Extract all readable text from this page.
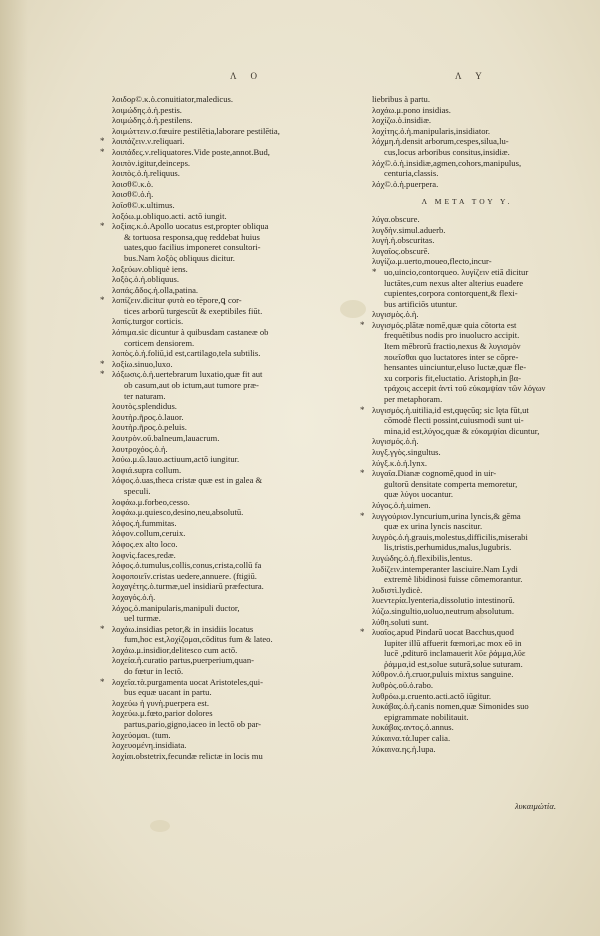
Λ Ο	Λ Υ
λοιδορ©.κ.ὁ.conuitiator,maledicus.
λοιμώδης.ὁ.ἡ.pestis.
λοιμώδης.ὁ.ἡ.pestilens.
λοιμώττειν.σ.fœuire pestilētia,laborare pestilētia,
* λοιπάζειν.ν.reliquari.
* λοιπάδες.ν.reliquatores.Vide poste,annot.Bud,
λοιπὸν.igitur,deinceps.
λοιπὸς.ὁ.ἡ.reliquus.
λοισθ©.κ.ὁ.
λοισθ©.ὁ.ἡ.
λοῖσθ©.κ.ultimus.
λοξόω.μ.obliquo.acti. actō iungit.
* λοξίας.κ.ὁ.Apollo uocatus est,propter obliqua
& tortuosa responsa,quę reddebat huius
uates,quo facilius imponeret consultori-
bus.Nam λοξὸς obliquus dicitur.
λοξεύων.obliquè iens.
λοξὸς.ὁ.ἡ.obliquus.
λοπάς.ἄδος.ἡ.olla,patina.
* λοπίζειν.dicitur φυτὰ eo tēpore,ꝗ cor-
tices arborū turgescūt & exeptibiles fiūt.
λοπίς.turgor corticis.
λόπιμα.sic dicuntur à quibusdam castaneæ ob
corticem densiorem.
λοπὸς.ὁ.ἡ.foliū,id est,cartilago,tela subtilis.
* λοξίω.sinuo,luxo.
* λόξωσις.ὁ.ἡ.uertebrarum luxatio,quæ fit aut
ob casum,aut ob ictum,aut tumore præ-
ter naturam.
λουτὸς.splendidus.
λουτὴρ.ῆρος.ὁ.lauor.
λουτὴρ.ῆρος.ὁ.peluis.
λουτρὸν.οῦ.balneum,lauacrum.
λουτροχόος.ὁ.ἡ.
λούω.μ.ῶ.lauo.actiuum,actō iungitur.
λοφιά.supra collum.
λόφος.ὁ.uas,theca cristæ quæ est in galea &
speculi.
λοφάω.μ.forbeo,cesso.
λοφάω.μ.quiesco,desino,neu,absolutū.
λόφος.ἡ.fummitas.
λόφον.collum,ceruix.
λόφος.ex alto loco.
λοφνὶς.faces,redæ.
λόφος.ὁ.tumulus,collis,conus,crista,collū fa
λοφοποιεῖν.cristas uedere,annuere. (ftigiū.
λοχαγέτης.ὁ.turmæ,uel insidiarū præfectura.
λοχαγός.ὁ.ἡ.
λόχος.ὁ.manipularis,manipuli ductor,
uel turmæ.
* λοχάω.insidias petor,& in insidiis locatus
fum,hoc est,λοχίζομαι,cōditus fum & lateo.
λοχάω.μ.insidior,delitesco cum actō.
λοχεία.ἡ.curatio partus,puerperium,quan-
do fœtur in lectō.
* λοχεῖα.τὰ.purgamenta uocat Aristoteles,qui-
bus equæ uacant in partu.
λοχεύω ἡ γυνὴ.puerpera est.
λοχεύω.μ.fœto,parior dolores
partus,pario,gigno,iaceo in lectō ob par-
λοχεύομαι. (tum.
λοχευομένη.insidiata.
λοχίαι.obstetrix,fecundæ relictæ in locis mu
liebribus à partu.
λοχάω.μ.pono insidias.
λοχίζω.ὁ.insidiæ.
λοχίτης.ὁ.ἡ.manipularis,insidiator.
λόχμη.ἡ.densit arborum,cespes,silua,lu-
cus,locus arboribus consitus,insidiæ.
λόχ©.ὁ.ἡ.insidiæ,agmen,cohors,manipulus,
centuria,classis.
λόχ©.ὁ.ἡ.puerpera.
Λ ΜΕΤΑ ΤΟΥ Υ.
λύγα.obscure.
λυγδὴν.simul.aduerb.
λυγὴ.ἡ.obscuritas.
λυγαῖος.obscurē.
λυγίζω.μ.uerto,moueo,flecto,incur-
* uo,uincio,contorqueo. λυγίζειν etiā dicitur
luctātes,cum nexus alter alterius euadere
cupientes,corpora contorquent,& flexi-
bus artificiōs utuntur.
λυγισμὸς.ὁ.ἡ.
* λυγισμός.plātæ nomē,quæ quia cōtorta est
frequētibus nodis pro inuolucro accipit.
Item mēbrorū fractio,nexus & λυγισμὸν
ποιεῖσθαι quo luctatores inter se cōpre-
hensantes uinciuntur,eluso luctæ,quæ fle-
xu corporis fit,eluctatio. Aristoph,in βα-
τράχοις accepit ἀντὶ τοῦ εὐκαμψίαν τῶν λόγων
per metaphoram.
* λυγισμός.ἡ.uitilia,id est,quęcūq; sic lęta fūt,ut
cōmodè flecti possint,cuiusmodi sunt ui-
mina,id est,λύγος,quæ & εὐκαμψίαι dicuntur,
λυγισμός.ὁ.ἡ.
λυγξ.γγὸς.singultus.
λύγξ.κ.ὁ.ἡ.lynx.
* λυγαῖα.Dianæ cognomē,quod in uir-
gultorū densitate comperta memoretur,
quæ λύγοι uocantur.
λύγος.ὁ.ἡ.uimen.
* λυγγούριον.lyncurium,urina lyncis,& gēma
quæ ex urina lyncis nascitur.
λυγρὸς.ὁ.ἡ.grauis,molestus,difficilis,miserabi
lis,tristis,perhumidus,malus,lugubris.
λυγώδης.ὁ.ἡ.flexibilis,lentus.
λυδίζειν.intemperanter lasciuire.Nam Lydi
extremè libidinosi fuisse cōmemorantur.
λυδιστὶ.lydicè.
λυεντερία.lyenteria,dissolutio intestinorū.
λύζω.singultio,uoluo,neutrum absolutum.
λύθη.soluti sunt.
* λυαῖος.apud Pindarū uocat Bacchus,quod
Iupiter illū affuerit fœmori,ac mox eō in
lucē ,pditurō inclamauerit λῦε ῥάμμα,λῦε
ῥάμμα,id est,solue suturā,solue suturam.
λύθρον.ὁ.ἡ.cruor,puluis mixtus sanguine.
λυθρὸς.οῦ.ὁ.rabo.
λυθρόω.μ.cruento.acti.actō iūgitur.
λυκάβας.ὁ.ἡ.canis nomen,quæ Simonides suo
epigrammate nobilitauit.
λυκάβας.αντος.ὁ.annus.
λύκαινα.τὰ.luper calia.
λύκαινα.ης.ἡ.lupa.
λυκαιμώτία.
